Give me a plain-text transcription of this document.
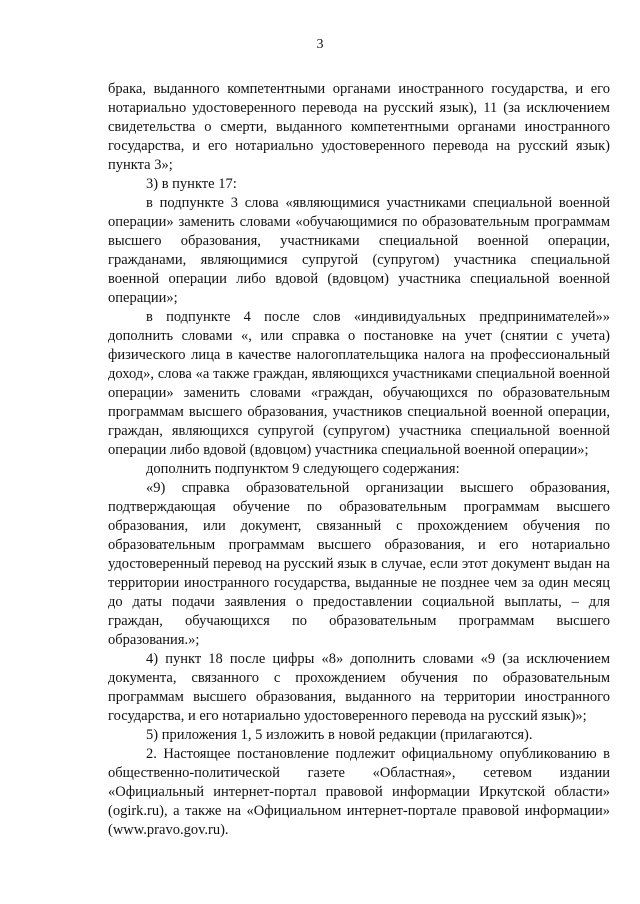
3

брака, выданного компетентными органами иностранного государства, и его нотариально удостоверенного перевода на русский язык), 11 (за исключением свидетельства о смерти, выданного компетентными органами иностранного государства, и его нотариально удостоверенного перевода на русский язык) пункта 3»;

3) в пункте 17:

в подпункте 3 слова «являющимися участниками специальной военной операции» заменить словами «обучающимися по образовательным программам высшего образования, участниками специальной военной операции, гражданами, являющимися супругой (супругом) участника специальной военной операции либо вдовой (вдовцом) участника специальной военной операции»;

в подпункте 4 после слов «индивидуальных предпринимателей»» дополнить словами «, или справка о постановке на учет (снятии с учета) физического лица в качестве налогоплательщика налога на профессиональный доход», слова «а также граждан, являющихся участниками специальной военной операции» заменить словами «граждан, обучающихся по образовательным программам высшего образования, участников специальной военной операции, граждан, являющихся супругой (супругом) участника специальной военной операции либо вдовой (вдовцом) участника специальной военной операции»;

дополнить подпунктом 9 следующего содержания:

«9) справка образовательной организации высшего образования, подтверждающая обучение по образовательным программам высшего образования, или документ, связанный с прохождением обучения по образовательным программам высшего образования, и его нотариально удостоверенный перевод на русский язык в случае, если этот документ выдан на территории иностранного государства, выданные не позднее чем за один месяц до даты подачи заявления о предоставлении социальной выплаты, – для граждан, обучающихся по образовательным программам высшего образования.»;

4) пункт 18 после цифры «8» дополнить словами «9 (за исключением документа, связанного с прохождением обучения по образовательным программам высшего образования, выданного на территории иностранного государства, и его нотариально удостоверенного перевода на русский язык)»;

5) приложения 1, 5 изложить в новой редакции (прилагаются).

2. Настоящее постановление подлежит официальному опубликованию в общественно-политической газете «Областная», сетевом издании «Официальный интернет-портал правовой информации Иркутской области» (ogirk.ru), а также на «Официальном интернет-портале правовой информации» (www.pravo.gov.ru).
